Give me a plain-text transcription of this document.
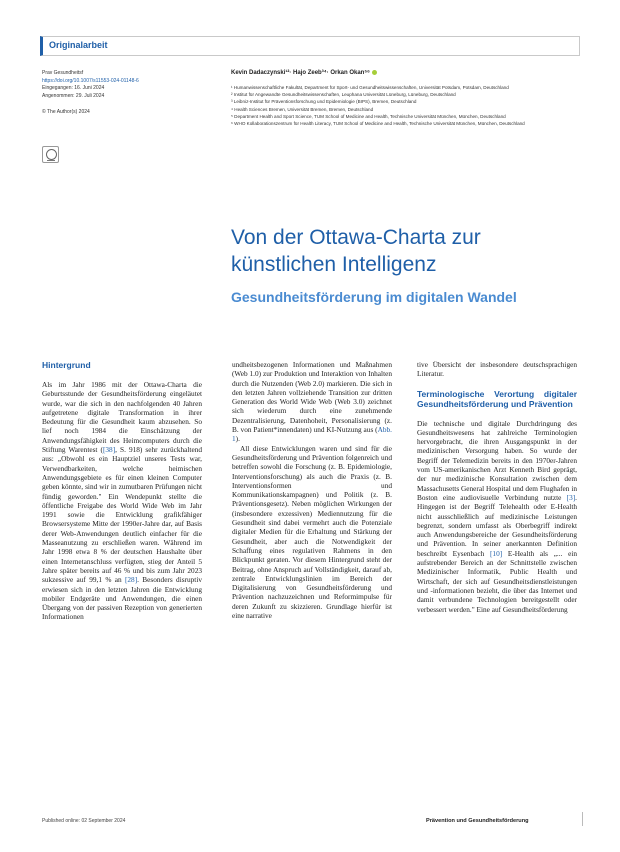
Originalarbeit
Prav Gesundheitsf
https://doi.org/10.1007/s11553-024-01148-6
Eingegangen: 16. Juni 2024
Angenommen: 29. Juli 2024
© The Author(s) 2024
Kevin Dadaczynski¹²· Hajo Zeeb³⁴· Orkan Okan⁵⁶
¹ Humanwissenschaftliche Fakultät, Department für Sport- und Gesundheitswissenschaften, Universität Potsdam, Potsdam, Deutschland
² Institut für Angewandte Gesundheitswissenschaften, Leuphana Universität Lüneburg, Lüneburg, Deutschland
³ Leibniz-Institut für Präventionsforschung und Epidemiologie (BIPS), Bremen, Deutschland
⁴ Health Sciences Bremen, Universität Bremen, Bremen, Deutschland
⁵ Department Health and Sport Science, TUM School of Medicine and Health, Technische Universität München, München, Deutschland
⁶ WHO Kollaborationszentrum für Health Literacy, TUM School of Medicine and Health, Technische Universität München, München, Deutschland
Von der Ottawa-Charta zur künstlichen Intelligenz
Gesundheitsförderung im digitalen Wandel
Hintergrund

Als im Jahr 1986 mit der Ottawa-Charta die Geburtsstunde der Gesundheitsförderung eingeläutet wurde, war die sich in den nachfolgenden 40 Jahren aufgetretene digitale Transformation in ihrer Bedeutung für die Gesundheit kaum abzusehen. So lief noch 1984 die Einschätzung der Anwendungsfähigkeit des Heimcomputers durch die Stiftung Warentest ([38], S. 918) sehr zurückhaltend aus: „Obwohl es ein Hauptziel unseres Tests war, Verwendbarkeiten, welche heimischen Anwendungsgebiete es für einen kleinen Computer geben könnte, sind wir in zumutbaren Prüfungen nicht fündig geworden." Ein Wendepunkt stellte die öffentliche Freigabe des World Wide Web im Jahr 1991 sowie die Entwicklung grafikfähiger Browsersysteme Mitte der 1990er-Jahre dar, auf Basis derer Web-Anwendungen deutlich einfacher für die Masseanutzung zu erschließen waren. Während im Jahr 1998 etwa 8 % der deutschen Haushalte über einen Internetanschluss verfügten, stieg der Anteil 5 Jahre später bereits auf 46 % und bis zum Jahr 2023 sukzessive auf 99,1 % an [28]. Besonders disruptiv erwiesen sich in den letzten Jahren die Entwicklung mobiler Endgeräte und Anwendungen, die einen Übergang von der passiven Rezeption von generierten Informationen

undheitsbezogenen Informationen und Maßnahmen (Web 1.0) zur Produktion und Interaktion von Inhalten durch die Nutzenden (Web 2.0) markieren. Die sich in den letzten Jahren vollziehende Transition zur dritten Generation des World Wide Web (Web 3.0) zeichnet sich wiederum durch eine zunehmende Dezentralisierung, Datenhoheit, Personalisierung (z. B. von Patient*innendaten) und KI-Nutzung aus (Abb. 1).

All diese Entwicklungen waren und sind für die Gesundheitsförderung und Prävention folgenreich und betreffen sowohl die Forschung (z. B. Epidemiologie, Interventionsforschung) als auch die Praxis (z. B. Interventionsformen und Kommunikationskampagnen) und Politik (z. B. Präventionsgesetz). Neben möglichen Wirkungen der (insbesondere exzessiven) Mediennutzung für die Gesundheit sind dabei vermehrt auch die Potenziale digitaler Medien für die Erhaltung und Stärkung der Gesundheit, aber auch die Notwendigkeit der Schaffung eines regulativen Rahmens in den Blickpunkt geraten. Vor diesem Hintergrund steht der Beitrag, ohne Anspruch auf Vollständigkeit, darauf ab, zentrale Entwicklungslinien im Bereich der Digitalisierung von Gesundheitsförderung und Prävention nachzuzeichnen und Reformimpulse für deren Zukunft zu skizzieren. Grundlage hierfür ist eine narrative

tive Übersicht der insbesondere deutschsprachigen Literatur.

Terminologische Verortung digitaler Gesundheitsförderung und Prävention

Die technische und digitale Durchdringung des Gesundheitswesens hat zahlreiche Terminologien hervorgebracht, die ihren Ausgangspunkt in der medizinischen Versorgung haben. So wurde der Begriff der Telemedizin bereits in den 1970er-Jahren vom US-amerikanischen Arzt Kenneth Bird geprägt, der nur medizinische Konsultation zwischen dem Massachusetts General Hospital und dem Flughafen in Boston eine audiovisuelle Verbindung nutzte [3]. Hingegen ist der Begriff Telehealth oder E-Health nicht ausschließlich auf medizinische Leistungen begrenzt, sondern umfasst als Oberbegriff indirekt auch Anwendungsbereiche der Gesundheitsförderung und Prävention. In seiner anerkannten Definition beschreibt Eysenbach [10] E-Health als „... ein aufstrebender Bereich an der Schnittstelle zwischen Medizinischer Informatik, Public Health und Wirtschaft, der sich auf Gesundheitsdienstleistungen und -informationen bezieht, die über das Internet und damit verbundene Technologien bereitgestellt oder verbessert werden." Eine auf Gesundheitsförderung

Published online: 02 September 2024	Prävention und Gesundheitsförderung
